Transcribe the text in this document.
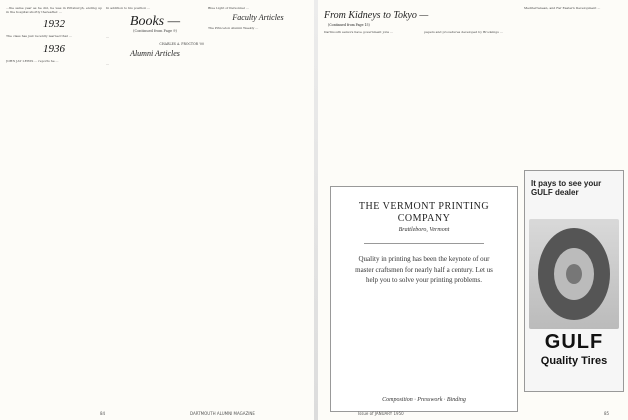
...the same year as he did, he was in Pittsburgh, ending up in the hospital shortly thereafter. ...

1932

The class has just recently learned that ...

1936

JOHN JAY LEWIS ... reports he ...

In addition to his position ...

Books —
(Continued from Page 9)

...

CHARLES A. PROCTOR '00
Alumni Articles

...

Blue Light of Personnel ...

Faculty Articles

The Princeton Alumni Weekly ...

84	DARTMOUTH ALUMNI MAGAZINE
From Kidneys to Tokyo —
(Continued from Page 15)

Dartmouth seniors have government jobs ...	papers and procedures developed by Brookings ...

Mediterranean, and Far Eastern Development ...

THE VERMONT PRINTING COMPANY
Brattleboro, Vermont
Quality in printing has been the keynote of our master craftsmen for nearly half a century. Let us help you to solve your printing problems.
Composition · Presswork · Binding
It pays to see your GULF dealer
GULF
Quality Tires
Issue of JANUARY 1950	85
